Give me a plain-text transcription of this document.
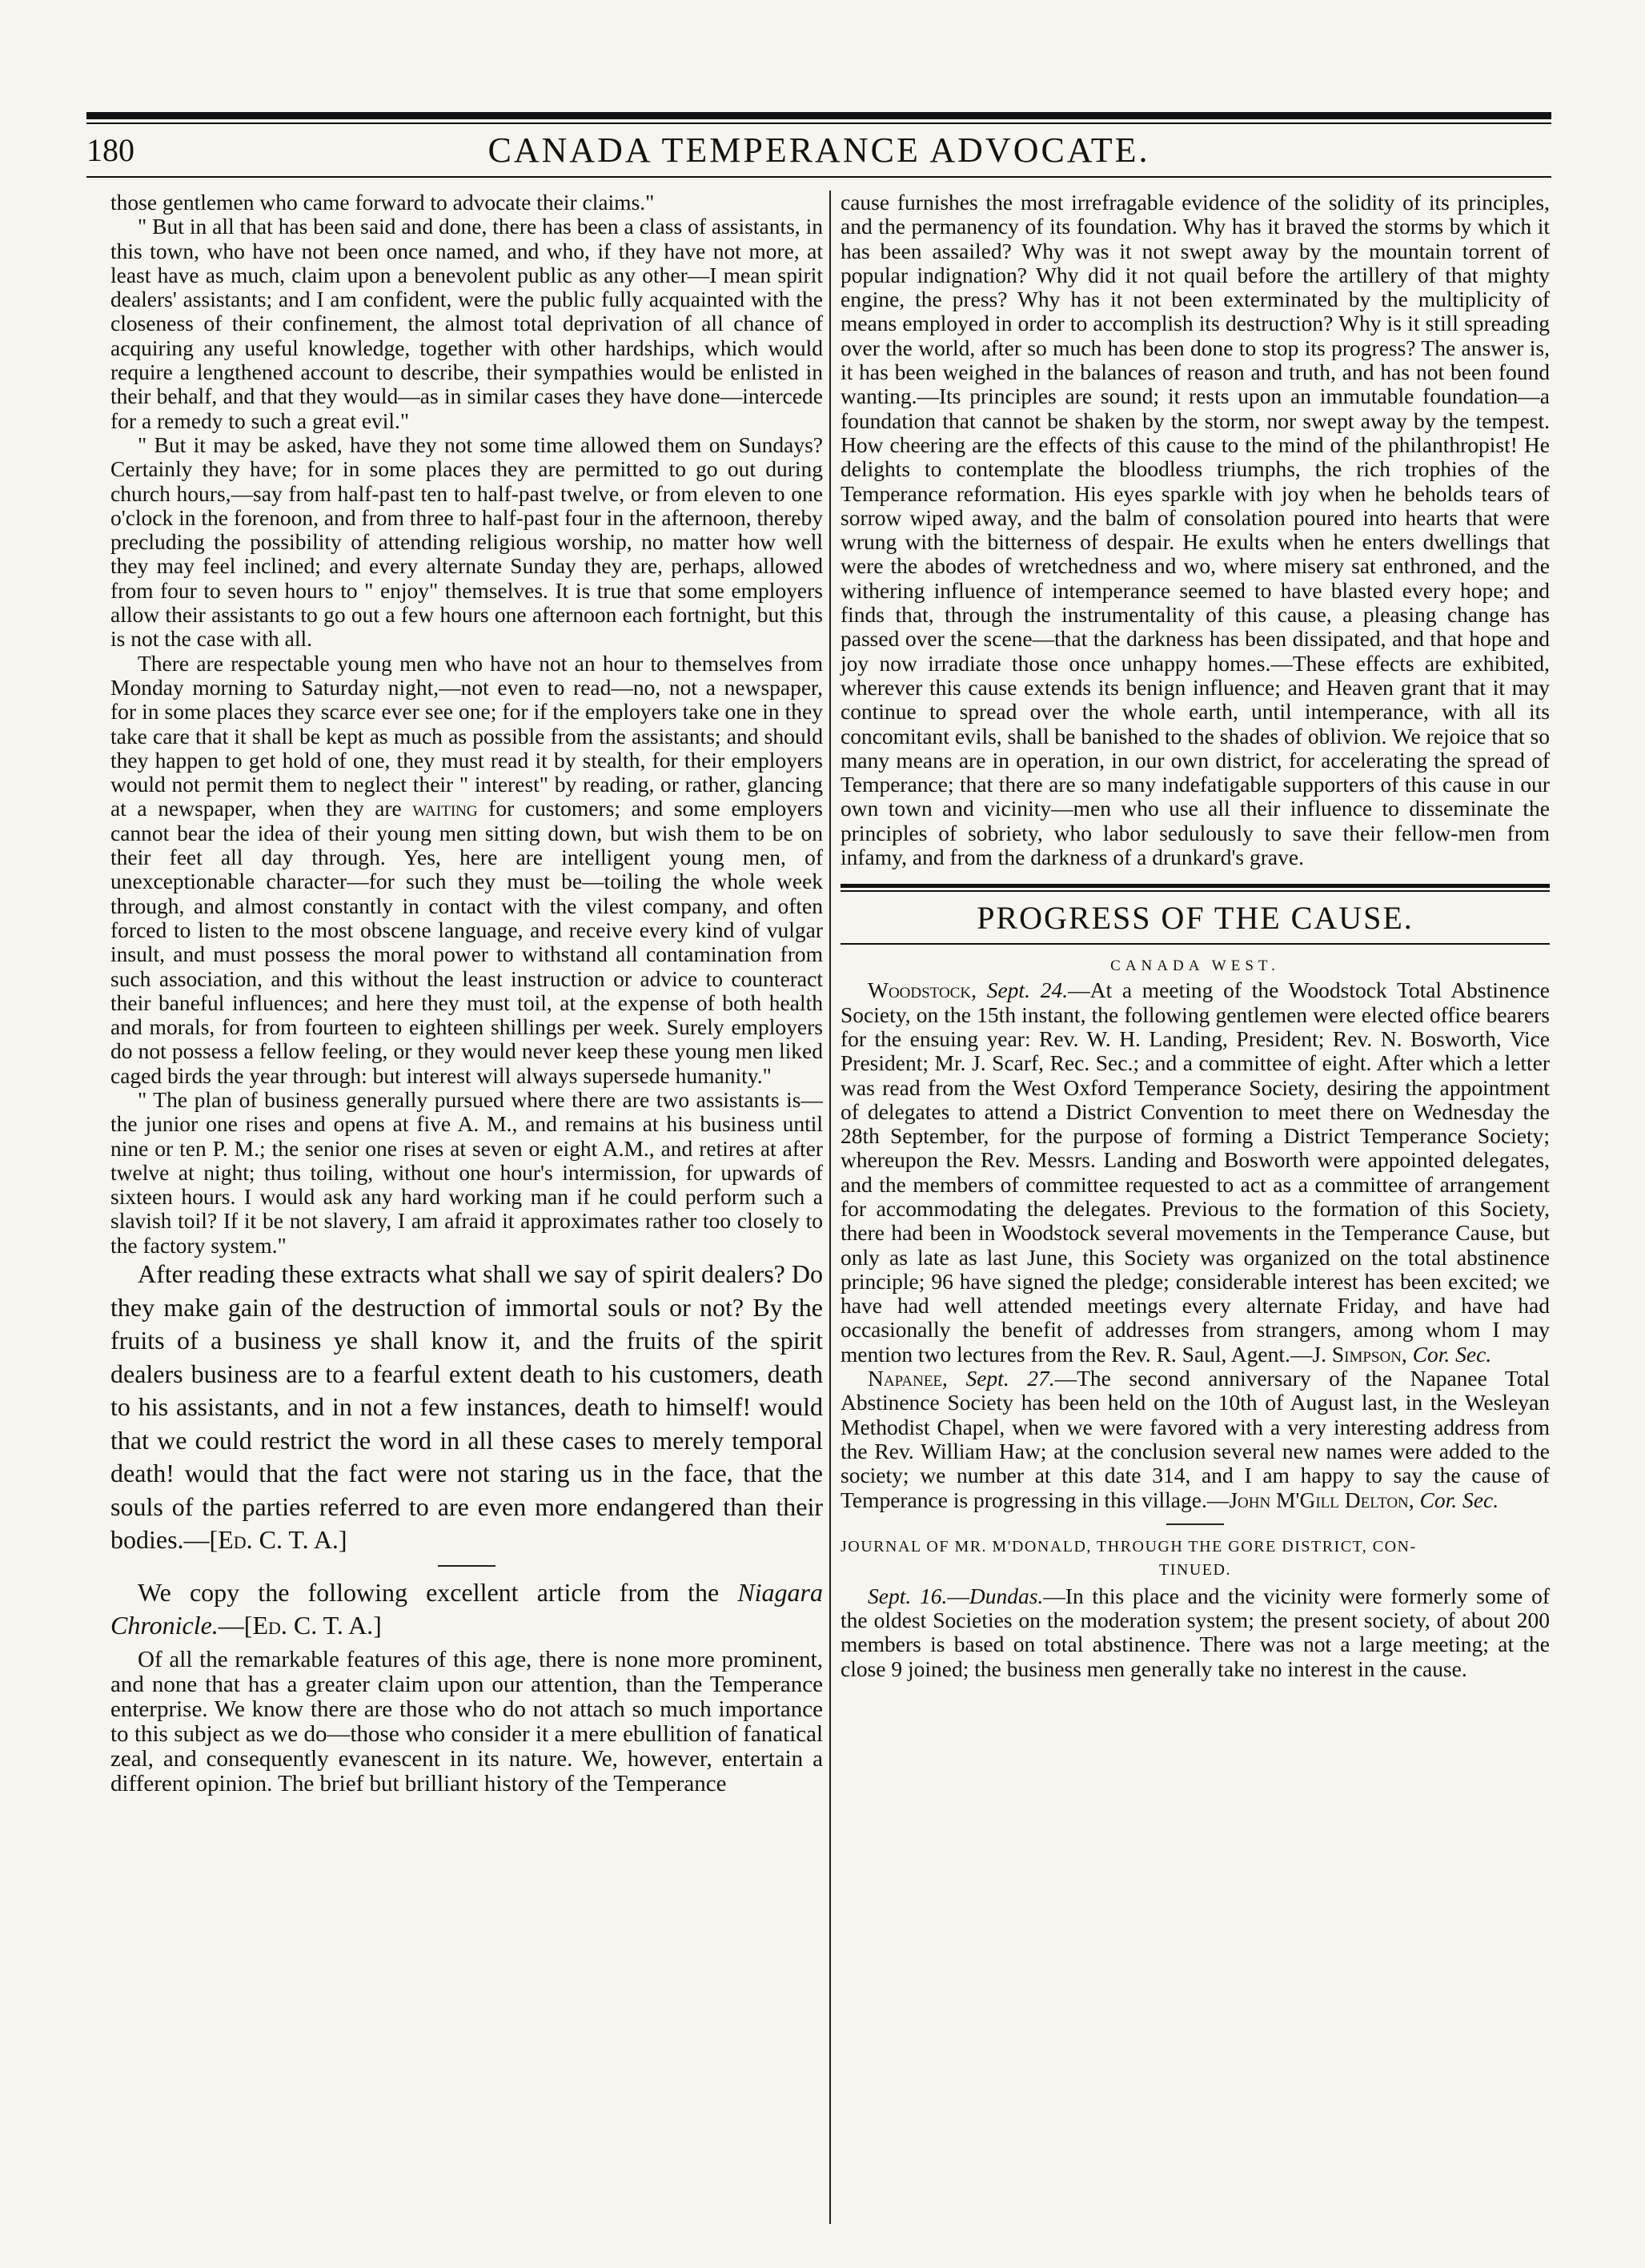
180	CANADA TEMPERANCE ADVOCATE.

those gentlemen who came forward to advocate their claims."

" But in all that has been said and done, there has been a class of assistants, in this town, who have not been once named, and who, if they have not more, at least have as much, claim upon a benevolent public as any other—I mean spirit dealers' assistants; and I am confident, were the public fully acquainted with the closeness of their confinement, the almost total deprivation of all chance of acquiring any useful knowledge, together with other hardships, which would require a lengthened account to describe, their sympathies would be enlisted in their behalf, and that they would—as in similar cases they have done—intercede for a remedy to such a great evil."

" But it may be asked, have they not some time allowed them on Sundays? Certainly they have; for in some places they are permitted to go out during church hours,—say from half-past ten to half-past twelve, or from eleven to one o'clock in the forenoon, and from three to half-past four in the afternoon, thereby precluding the possibility of attending religious worship, no matter how well they may feel inclined; and every alternate Sunday they are, perhaps, allowed from four to seven hours to " enjoy" themselves. It is true that some employers allow their assistants to go out a few hours one afternoon each fortnight, but this is not the case with all.

There are respectable young men who have not an hour to themselves from Monday morning to Saturday night,—not even to read—no, not a newspaper, for in some places they scarce ever see one; for if the employers take one in they take care that it shall be kept as much as possible from the assistants; and should they happen to get hold of one, they must read it by stealth, for their employers would not permit them to neglect their " interest" by reading, or rather, glancing at a newspaper, when they are waiting for customers; and some employers cannot bear the idea of their young men sitting down, but wish them to be on their feet all day through. Yes, here are intelligent young men, of unexceptionable character—for such they must be—toiling the whole week through, and almost constantly in contact with the vilest company, and often forced to listen to the most obscene language, and receive every kind of vulgar insult, and must possess the moral power to withstand all contamination from such association, and this without the least instruction or advice to counteract their baneful influences; and here they must toil, at the expense of both health and morals, for from fourteen to eighteen shillings per week. Surely employers do not possess a fellow feeling, or they would never keep these young men liked caged birds the year through: but interest will always supersede humanity."

" The plan of business generally pursued where there are two assistants is—the junior one rises and opens at five A. M., and remains at his business until nine or ten P. M.; the senior one rises at seven or eight A.M., and retires at after twelve at night; thus toiling, without one hour's intermission, for upwards of sixteen hours. I would ask any hard working man if he could perform such a slavish toil? If it be not slavery, I am afraid it approximates rather too closely to the factory system."

After reading these extracts what shall we say of spirit dealers? Do they make gain of the destruction of immortal souls or not? By the fruits of a business ye shall know it, and the fruits of the spirit dealers business are to a fearful extent death to his customers, death to his assistants, and in not a few instances, death to himself! would that we could restrict the word in all these cases to merely temporal death! would that the fact were not staring us in the face, that the souls of the parties referred to are even more endangered than their bodies.—[Ed. C. T. A.]

We copy the following excellent article from the Niagara Chronicle.—[Ed. C. T. A.]

Of all the remarkable features of this age, there is none more prominent, and none that has a greater claim upon our attention, than the Temperance enterprise. We know there are those who do not attach so much importance to this subject as we do—those who consider it a mere ebullition of fanatical zeal, and consequently evanescent in its nature. We, however, entertain a different opinion. The brief but brilliant history of the Temperance

cause furnishes the most irrefragable evidence of the solidity of its principles, and the permanency of its foundation. Why has it braved the storms by which it has been assailed? Why was it not swept away by the mountain torrent of popular indignation? Why did it not quail before the artillery of that mighty engine, the press? Why has it not been exterminated by the multiplicity of means employed in order to accomplish its destruction? Why is it still spreading over the world, after so much has been done to stop its progress? The answer is, it has been weighed in the balances of reason and truth, and has not been found wanting.—Its principles are sound; it rests upon an immutable foundation—a foundation that cannot be shaken by the storm, nor swept away by the tempest. How cheering are the effects of this cause to the mind of the philanthropist! He delights to contemplate the bloodless triumphs, the rich trophies of the Temperance reformation. His eyes sparkle with joy when he beholds tears of sorrow wiped away, and the balm of consolation poured into hearts that were wrung with the bitterness of despair. He exults when he enters dwellings that were the abodes of wretchedness and wo, where misery sat enthroned, and the withering influence of intemperance seemed to have blasted every hope; and finds that, through the instrumentality of this cause, a pleasing change has passed over the scene—that the darkness has been dissipated, and that hope and joy now irradiate those once unhappy homes.—These effects are exhibited, wherever this cause extends its benign influence; and Heaven grant that it may continue to spread over the whole earth, until intemperance, with all its concomitant evils, shall be banished to the shades of oblivion. We rejoice that so many means are in operation, in our own district, for accelerating the spread of Temperance; that there are so many indefatigable supporters of this cause in our own town and vicinity—men who use all their influence to disseminate the principles of sobriety, who labor sedulously to save their fellow-men from infamy, and from the darkness of a drunkard's grave.

PROGRESS OF THE CAUSE.
CANADA WEST.

Woodstock, Sept. 24.—At a meeting of the Woodstock Total Abstinence Society, on the 15th instant, the following gentlemen were elected office bearers for the ensuing year: Rev. W. H. Landing, President; Rev. N. Bosworth, Vice President; Mr. J. Scarf, Rec. Sec.; and a committee of eight. After which a letter was read from the West Oxford Temperance Society, desiring the appointment of delegates to attend a District Convention to meet there on Wednesday the 28th September, for the purpose of forming a District Temperance Society; whereupon the Rev. Messrs. Landing and Bosworth were appointed delegates, and the members of committee requested to act as a committee of arrangement for accommodating the delegates. Previous to the formation of this Society, there had been in Woodstock several movements in the Temperance Cause, but only as late as last June, this Society was organized on the total abstinence principle; 96 have signed the pledge; considerable interest has been excited; we have had well attended meetings every alternate Friday, and have had occasionally the benefit of addresses from strangers, among whom I may mention two lectures from the Rev. R. Saul, Agent.—J. Simpson, Cor. Sec.

Napanee, Sept. 27.—The second anniversary of the Napanee Total Abstinence Society has been held on the 10th of August last, in the Wesleyan Methodist Chapel, when we were favored with a very interesting address from the Rev. William Haw; at the conclusion several new names were added to the society; we number at this date 314, and I am happy to say the cause of Temperance is progressing in this village.—John M'Gill Delton, Cor. Sec.

JOURNAL OF MR. M'DONALD, THROUGH THE GORE DISTRICT, CON-

TINUED.

Sept. 16.—Dundas.—In this place and the vicinity were formerly some of the oldest Societies on the moderation system; the present society, of about 200 members is based on total abstinence. There was not a large meeting; at the close 9 joined; the business men generally take no interest in the cause.
